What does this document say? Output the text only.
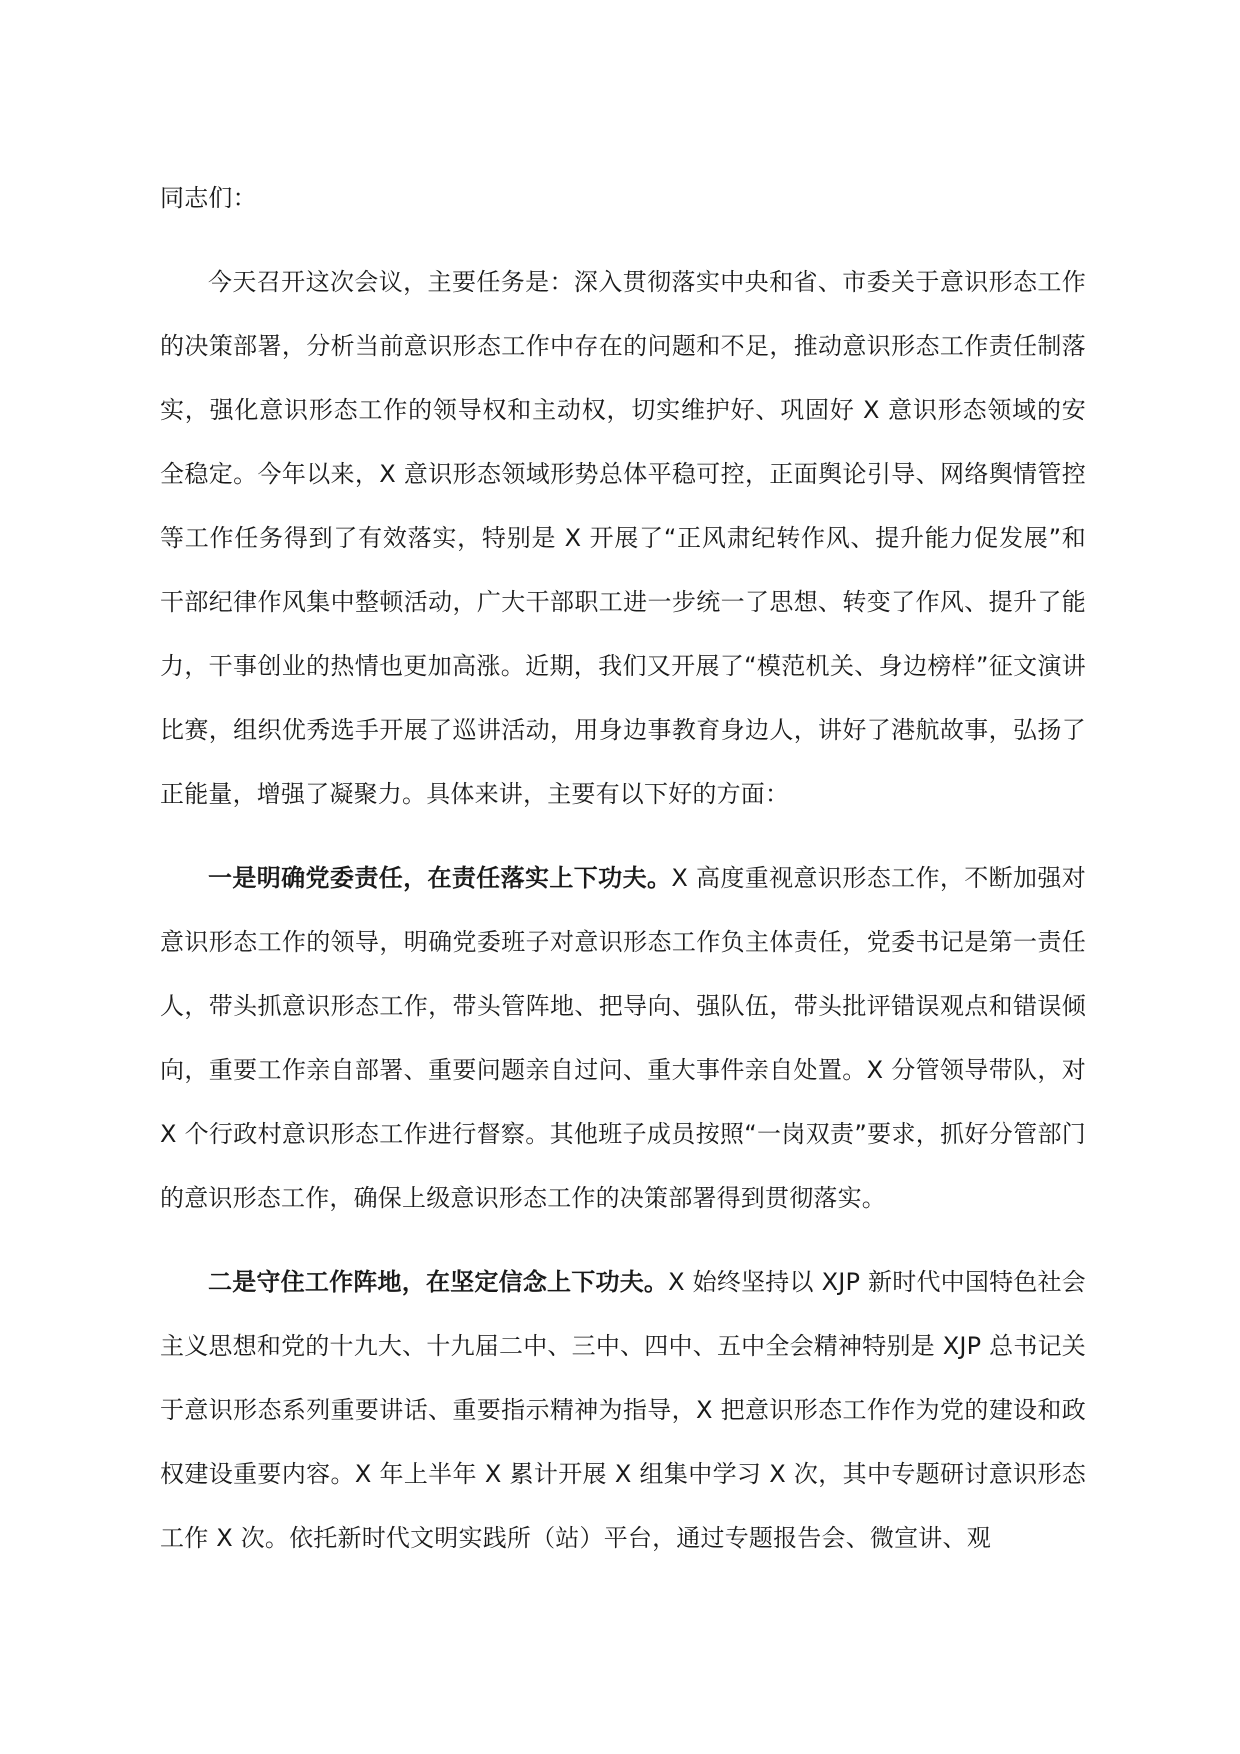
同志们：

今天召开这次会议，主要任务是：深入贯彻落实中央和省、市委关于意识形态工作的决策部署，分析当前意识形态工作中存在的问题和不足，推动意识形态工作责任制落实，强化意识形态工作的领导权和主动权，切实维护好、巩固好 X 意识形态领域的安全稳定。今年以来，X 意识形态领域形势总体平稳可控，正面舆论引导、网络舆情管控等工作任务得到了有效落实，特别是 X 开展了“正风肃纪转作风、提升能力促发展”和干部纪律作风集中整顿活动，广大干部职工进一步统一了思想、转变了作风、提升了能力，干事创业的热情也更加高涨。近期，我们又开展了“模范机关、身边榜样”征文演讲比赛，组织优秀选手开展了巡讲活动，用身边事教育身边人，讲好了港航故事，弘扬了正能量，增强了凝聚力。具体来讲，主要有以下好的方面：

一是明确党委责任，在责任落实上下功夫。X 高度重视意识形态工作，不断加强对意识形态工作的领导，明确党委班子对意识形态工作负主体责任，党委书记是第一责任人，带头抓意识形态工作，带头管阵地、把导向、强队伍，带头批评错误观点和错误倾向，重要工作亲自部署、重要问题亲自过问、重大事件亲自处置。X 分管领导带队，对 X 个行政村意识形态工作进行督察。其他班子成员按照“一岗双责”要求，抓好分管部门的意识形态工作，确保上级意识形态工作的决策部署得到贯彻落实。

二是守住工作阵地，在坚定信念上下功夫。X 始终坚持以 XJP 新时代中国特色社会主义思想和党的十九大、十九届二中、三中、四中、五中全会精神特别是 XJP 总书记关于意识形态系列重要讲话、重要指示精神为指导，X 把意识形态工作作为党的建设和政权建设重要内容。X 年上半年 X 累计开展 X 组集中学习 X 次，其中专题研讨意识形态工作 X 次。依托新时代文明实践所（站）平台，通过专题报告会、微宣讲、观
